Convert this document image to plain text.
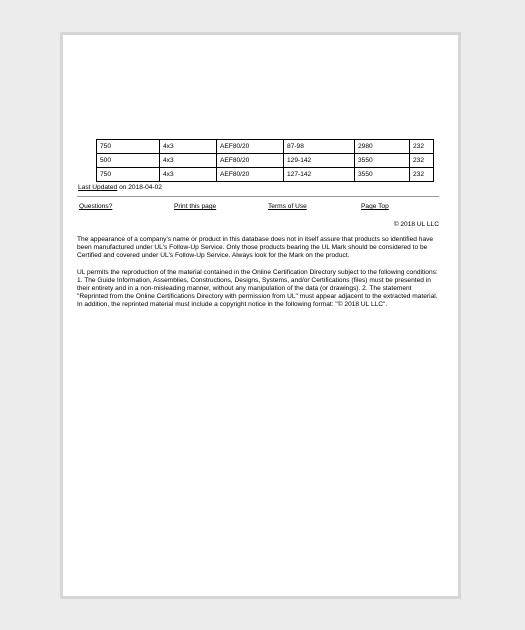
750	4x3	AEF80/20	87-98	2980	232
500	4x3	AEF80/20	129-142	3550	232
750	4x3	AEF80/20	127-142	3550	232
Last Updated on 2018-04-02
Questions?	Print this page	Terms of Use	Page Top
© 2018 UL LLC

The appearance of a company's name or product in this database does not in itself assure that products so identified have been manufactured under UL's Follow-Up Service. Only those products bearing the UL Mark should be considered to be Certified and covered under UL's Follow-Up Service. Always look for the Mark on the product.

UL permits the reproduction of the material contained in the Online Certification Directory subject to the following conditions: 1. The Guide Information, Assemblies, Constructions, Designs, Systems, and/or Certifications (files) must be presented in their entirety and in a non-misleading manner, without any manipulation of the data (or drawings). 2. The statement "Reprinted from the Online Certifications Directory with permission from UL" must appear adjacent to the extracted material. In addition, the reprinted material must include a copyright notice in the following format: "© 2018 UL LLC".
